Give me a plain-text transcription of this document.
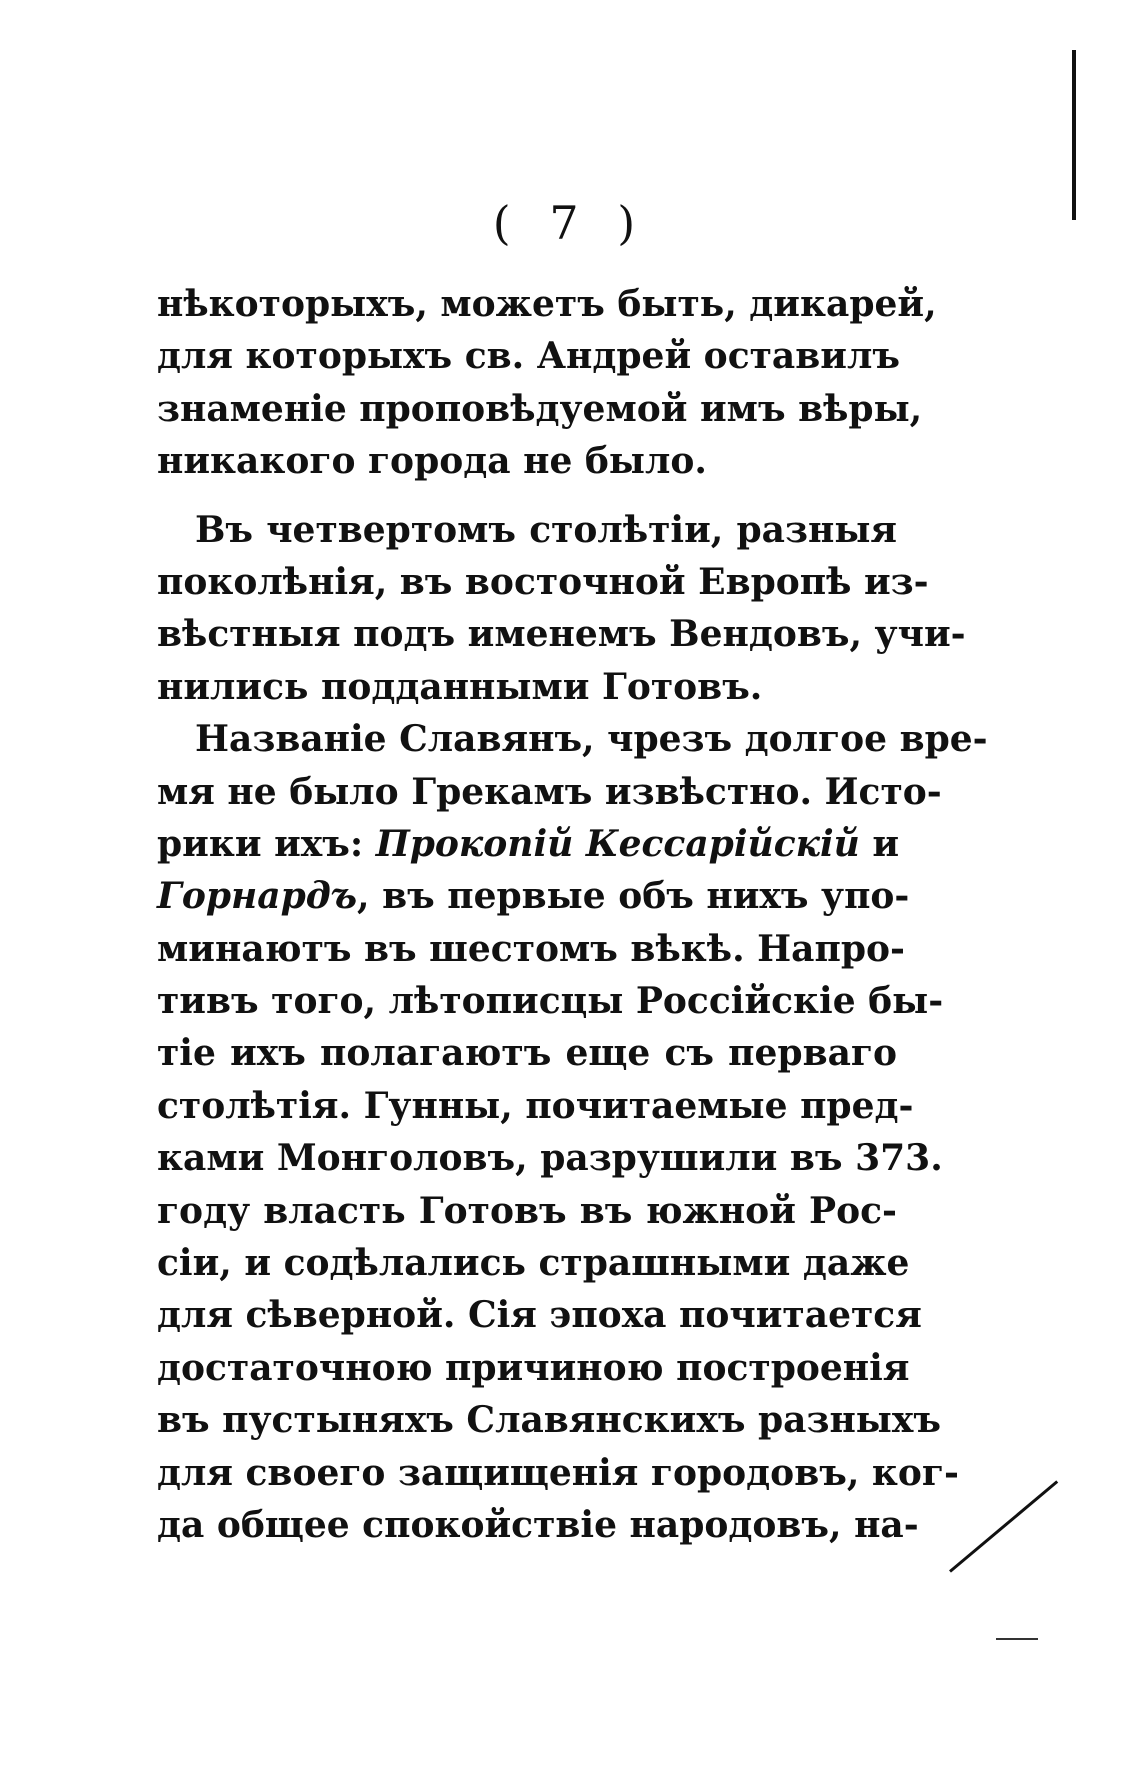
( 7 )
нѣкоторыхъ, можетъ быть, дикарей,
для которыхъ св. Андрей оставилъ
знаменіе проповѣдуемой имъ вѣры,
никакого города не было.
Въ четвертомъ столѣтіи, разныя
поколѣнія, въ восточной Европѣ из-
вѣстныя подъ именемъ Вендовъ, учи-
нились подданными Готовъ.
Названіе Славянъ, чрезъ долгое вре-
мя не было Грекамъ извѣстно. Исто-
рики ихъ: Прокопій Кессарійскій и
Горнардъ, въ первые объ нихъ упо-
минаютъ въ шестомъ вѣкѣ. Напро-
тивъ того, лѣтописцы Россійскіе бы-
тіе ихъ полагаютъ еще съ перваго
столѣтія. Гунны, почитаемые пред-
ками Монголовъ, разрушили въ 373.
году власть Готовъ въ южной Рос-
сіи, и содѣлались страшными даже
для сѣверной. Сія эпоха почитается
достаточною причиною построенія
въ пустыняхъ Славянскихъ разныхъ
для своего защищенія городовъ, ког-
да общее спокойствіе народовъ, на-
